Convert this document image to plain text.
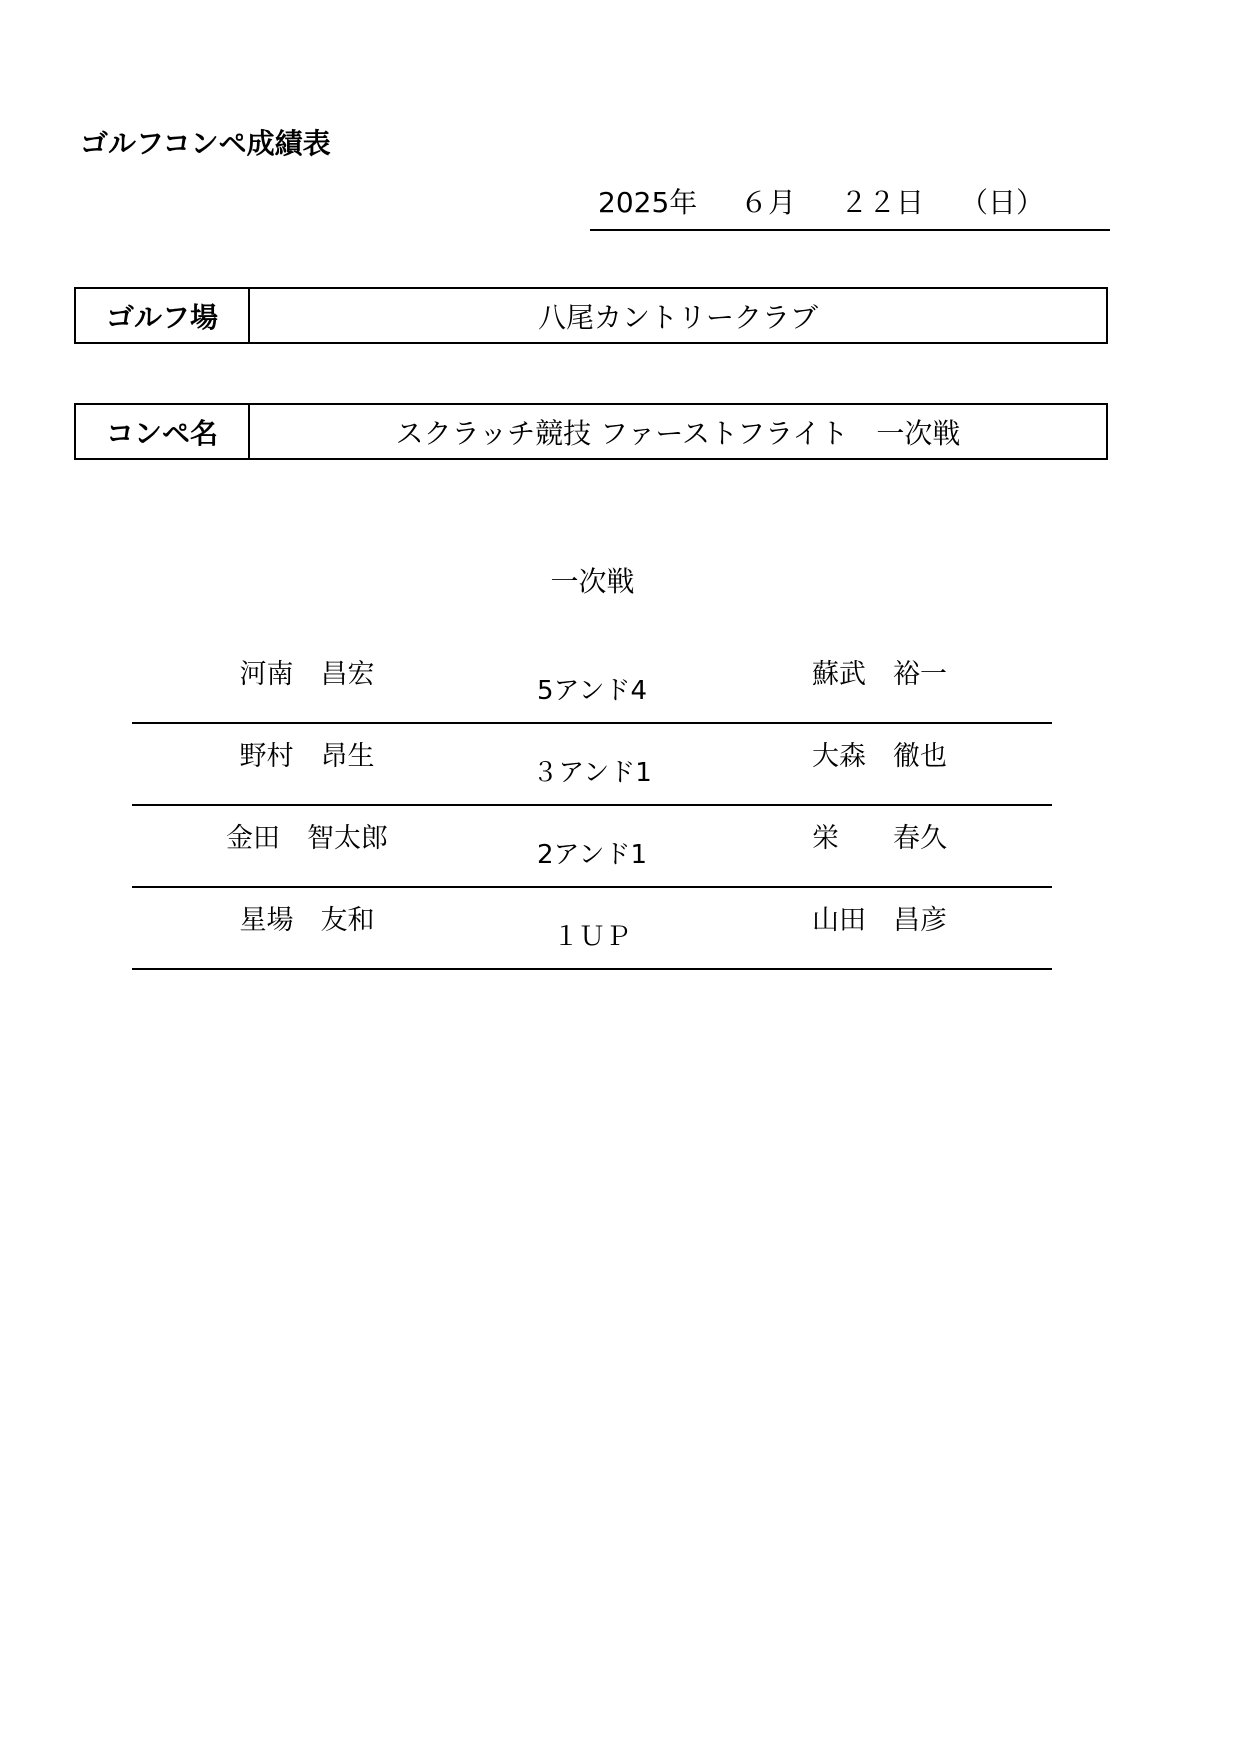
ゴルフコンペ成績表

2025年

６月

２２日

（日）

ゴルフ場	八尾カントリークラブ
コンペ名	スクラッチ競技 ファーストフライト　一次戦
一次戦
河南　昌宏
5アンド4
蘇武　裕一
野村　昂生
３アンド1
大森　徹也
金田　智太郎
2アンド1
栄　　春久
星場　友和
１ＵＰ
山田　昌彦
